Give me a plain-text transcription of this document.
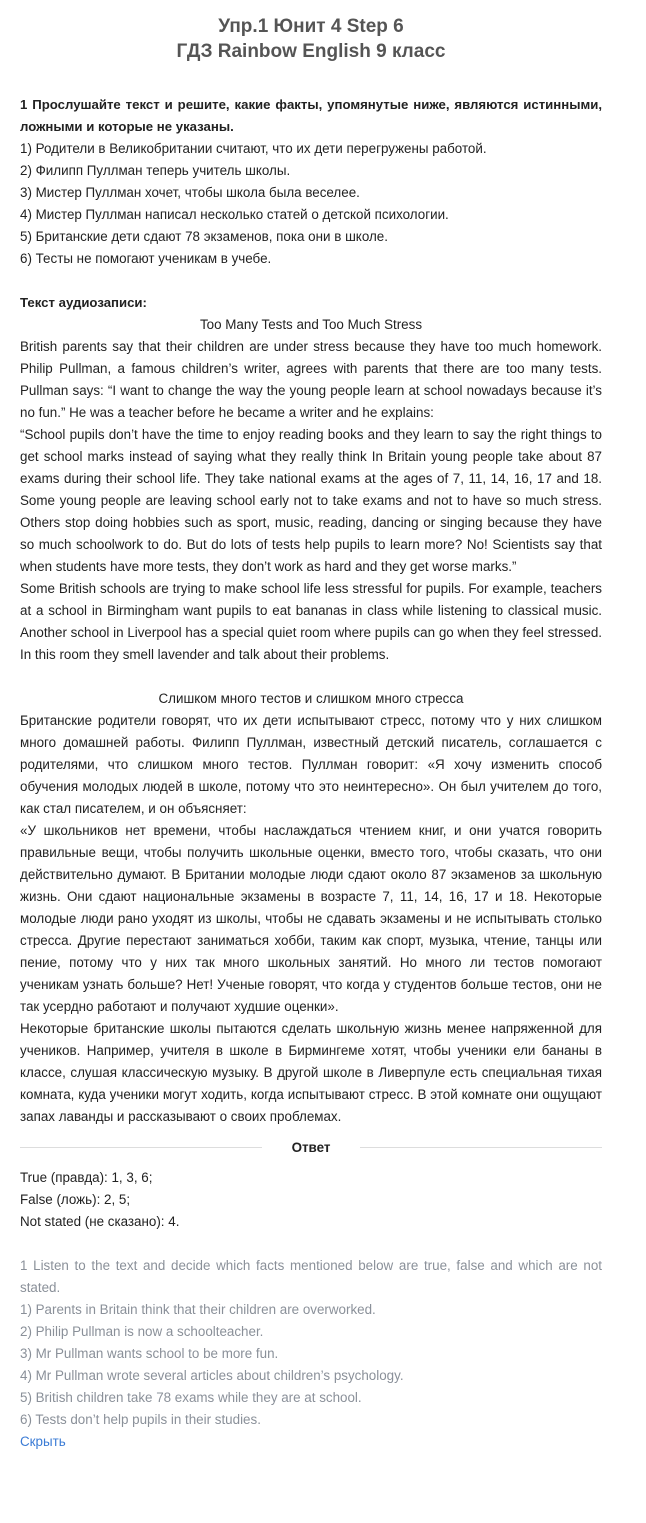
Упр.1 Юнит 4 Step 6
ГДЗ Rainbow English 9 класс
1 Прослушайте текст и решите, какие факты, упомянутые ниже, являются истинными, ложными и которые не указаны.
1) Родители в Великобритании считают, что их дети перегружены работой.
2) Филипп Пуллман теперь учитель школы.
3) Мистер Пуллман хочет, чтобы школа была веселее.
4) Мистер Пуллман написал несколько статей о детской психологии.
5) Британские дети сдают 78 экзаменов, пока они в школе.
6) Тесты не помогают ученикам в учебе.
Текст аудиозаписи:
Too Many Tests and Too Much Stress
British parents say that their children are under stress because they have too much homework. Philip Pullman, a famous children’s writer, agrees with parents that there are too many tests. Pullman says: “I want to change the way the young people learn at school nowadays because it’s no fun.” He was a teacher before he became a writer and he explains:
“School pupils don’t have the time to enjoy reading books and they learn to say the right things to get school marks instead of saying what they really think In Britain young people take about 87 exams during their school life. They take national exams at the ages of 7, 11, 14, 16, 17 and 18. Some young people are leaving school early not to take exams and not to have so much stress. Others stop doing hobbies such as sport, music, reading, dancing or singing because they have so much schoolwork to do. But do lots of tests help pupils to learn more? No! Scientists say that when students have more tests, they don’t work as hard and they get worse marks.”
Some British schools are trying to make school life less stressful for pupils. For example, teachers at a school in Birmingham want pupils to eat bananas in class while listening to classical music. Another school in Liverpool has a special quiet room where pupils can go when they feel stressed. In this room they smell lavender and talk about their problems.
Слишком много тестов и слишком много стресса
Британские родители говорят, что их дети испытывают стресс, потому что у них слишком много домашней работы. Филипп Пуллман, известный детский писатель, соглашается с родителями, что слишком много тестов. Пуллман говорит: «Я хочу изменить способ обучения молодых людей в школе, потому что это неинтересно». Он был учителем до того, как стал писателем, и он объясняет:
«У школьников нет времени, чтобы наслаждаться чтением книг, и они учатся говорить правильные вещи, чтобы получить школьные оценки, вместо того, чтобы сказать, что они действительно думают. В Британии молодые люди сдают около 87 экзаменов за школьную жизнь. Они сдают национальные экзамены в возрасте 7, 11, 14, 16, 17 и 18. Некоторые молодые люди рано уходят из школы, чтобы не сдавать экзамены и не испытывать столько стресса. Другие перестают заниматься хобби, таким как спорт, музыка, чтение, танцы или пение, потому что у них так много школьных занятий. Но много ли тестов помогают ученикам узнать больше? Нет! Ученые говорят, что когда у студентов больше тестов, они не так усердно работают и получают худшие оценки».
Некоторые британские школы пытаются сделать школьную жизнь менее напряженной для учеников. Например, учителя в школе в Бирмингеме хотят, чтобы ученики ели бананы в классе, слушая классическую музыку. В другой школе в Ливерпуле есть специальная тихая комната, куда ученики могут ходить, когда испытывают стресс. В этой комнате они ощущают запах лаванды и рассказывают о своих проблемах.
Ответ
True (правда): 1, 3, 6;
False (ложь): 2, 5;
Not stated (не сказано): 4.
1 Listen to the text and decide which facts mentioned below are true, false and which are not stated.
1) Parents in Britain think that their children are overworked.
2) Philip Pullman is now a schoolteacher.
3) Mr Pullman wants school to be more fun.
4) Mr Pullman wrote several articles about children’s psychology.
5) British children take 78 exams while they are at school.
6) Tests don’t help pupils in their studies.
Скрыть
